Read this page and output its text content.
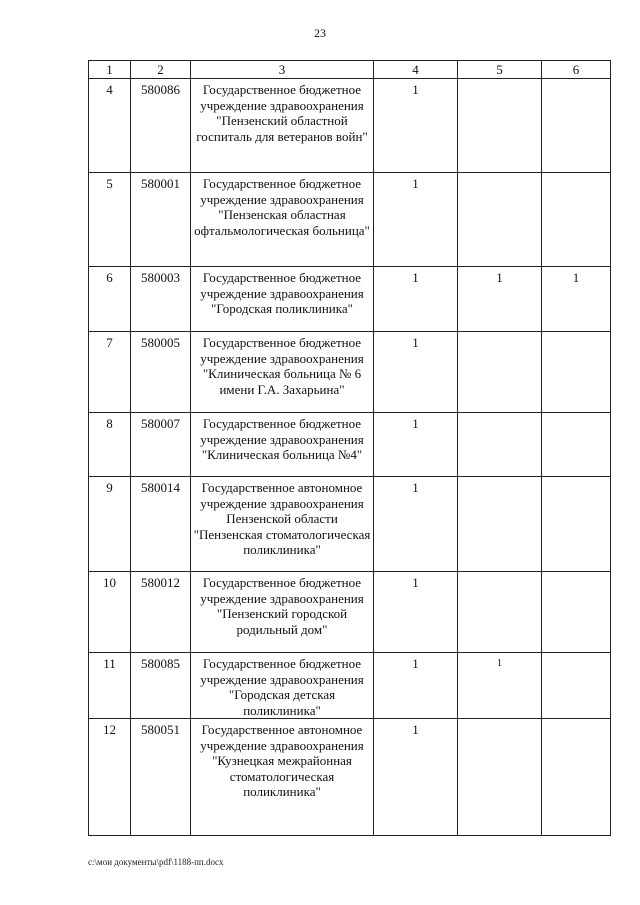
23
1	2	3	4	5	6
4	580086	Государственное бюджетное учреждение здравоохранения "Пензенский областной госпиталь для ветеранов войн"	1		
5	580001	Государственное бюджетное учреждение здравоохранения "Пензенская областная офтальмологическая больница"	1		
6	580003	Государственное бюджетное учреждение здравоохранения "Городская поликлиника"	1	1	1
7	580005	Государственное бюджетное учреждение здравоохранения "Клиническая больница № 6 имени Г.А. Захарьина"	1		
8	580007	Государственное бюджетное учреждение здравоохранения "Клиническая больница №4"	1		
9	580014	Государственное автономное учреждение здравоохранения Пензенской области "Пензенская стоматологическая поликлиника"	1		
10	580012	Государственное бюджетное учреждение здравоохранения "Пензенский городской родильный дом"	1		
11	580085	Государственное бюджетное учреждение здравоохранения "Городская детская поликлиника"	1	1	
12	580051	Государственное автономное учреждение здравоохранения "Кузнецкая межрайонная стоматологическая поликлиника"	1		
c:\мои документы\pdf\1188-пп.docx
